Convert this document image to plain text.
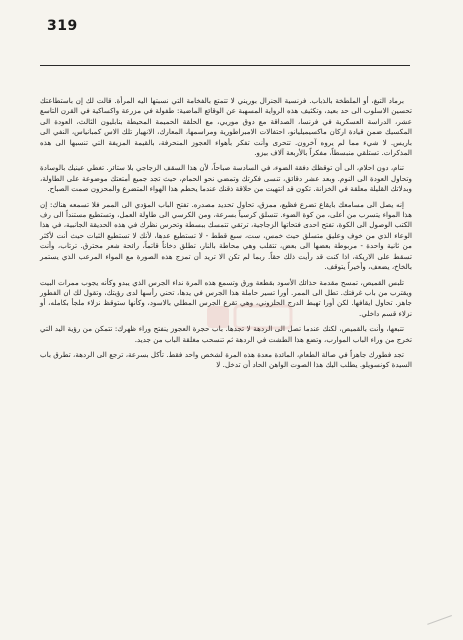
319

برماد التبغ، أو الملطخة بالذباب. فرنسية الجنرال بوريني لا تتمتع بالفخامة التي نسبتها اليه المرأة. قالت لك إن باستطاعتك تحسين الاسلوب الى حد بعيد، وتكثيف هذه الرواية المسهبة عن الوقائع الماضية: طفولة في مزرعة واكساكية في القرن التاسع عشر، الدراسة العسكرية في فرنسا، الصداقة مع دوق موريي، مع الحلقة الحميمة المحيطة بنابليون الثالث، العودة الى المكسيك ضمن قيادة اركان ماكسيميليانو، احتفالات الامبراطورية ومراسمها، المعارك، الانهيار تلك الاس كمبانياس، النفي الى باريس. لا شيء مما لم يروه آخرون. تتحرى وأنت تفكر بأهواء العجوز المنحرفة، بالقيمة المزيفة التي تنسبها الى هذه المذكرات. تستلقي منبسطاً، مفكراً بالأربعة آلاف بيزو.

تنام، دون احلام، الى أن توقظك دفقة الضوء، في السادسة صباحاً، لأن هذا السقف الزجاجي بلا ستائر. تغطي عينيك بالوسادة وتحاول العودة الى النوم. وبعد عشر دقائق، تنسى فكرتك وتمضي نحو الحمام، حيث تجد جميع أمتعتك موضوعة على الطاولة، وبدلاتك القليلة معلقة في الخزانة. تكون قد انتهيت من حلاقة ذقنك عندما يحطم هذا الهواء المتضرع والمحزون صمت الصباح.

إنه يصل الى مسامعك بايقاع تضرع فظيع، ممزق، تحاول تحديد مصدره. تفتح الباب المؤدي الى الممر فلا تسمعه هناك: إن هذا المواء يتسرب من أعلى، من كوة الضوء. تتسلق كرسياً بسرعة، ومن الكرسي الى طاولة العمل، وتستطيع مستنداً الى رف الكتب الوصول الى الكوة، تفتح احدى فتحاتها الزجاجية، ترتقي تتمسك ببسطة وتحرس نظرك في هذه الحديقة الجانبية، في هذا الوعاء الذي من خوف وعليق متسلق حيث خمس، ست، سبع قطط - لا تستطيع عدها، لأنك لا تستطيع الثبات حيث أنت لأكثر من ثانية واحدة - مربوطة بعضها الى بعض، تتقلب وهي محاطة بالنار، تطلق دخاناً قاتماً، رائحة شعر محترق. ترتاب، وأنت تسقط على الاريكة، اذا كنت قد رأيت ذلك حقاً. ربما لم تكن الا تريد أن تمزج هذه الصورة مع المواء المرعب الذي يستمر بالخاخ، يضعف، وأخيراً يتوقف.

تلبس القميص، تمسح مقدمة حذائك الأسود بقطعة ورق وتسمع هذه المرة نداء الجرس الذي يبدو وكأنه يجوب ممرات البيت ويقترب من باب غرفتك. تطل الى الممر. أورا تسير حاملة هذا الجرس في يدها، تحني رأسها لدى رؤيتك، وتقول لك ان الفطور جاهز. تحاول ايقافها. لكن أورا تهبط الدرج الحلزوني، وهي تقرع الجرس المطلي بالاسود، وكأنها ستوقظ نزلاء ملجأ بكامله، أو نزلاء قسم داخلي.

تتبعها، وأنت بالقميص، لكنك عندما تصل الى الردهة لا تجدها. باب حجرة العجوز ينفتح وراء ظهرك: تتمكن من رؤية اليد التي تخرج من وراء الباب الموارب، وتضع هذا الطشت في الردهة ثم تنسحب مغلقة الباب من جديد.

تجد فطورك جاهزاً في صالة الطعام، المائدة معدة هذه المرة لشخص واحد فقط. تأكل بسرعة، ترجع الى الردهة، تطرق باب السيدة كونسويلو. يطلب اليك هذا الصوت الواهن الحاد أن تدخل. لا
